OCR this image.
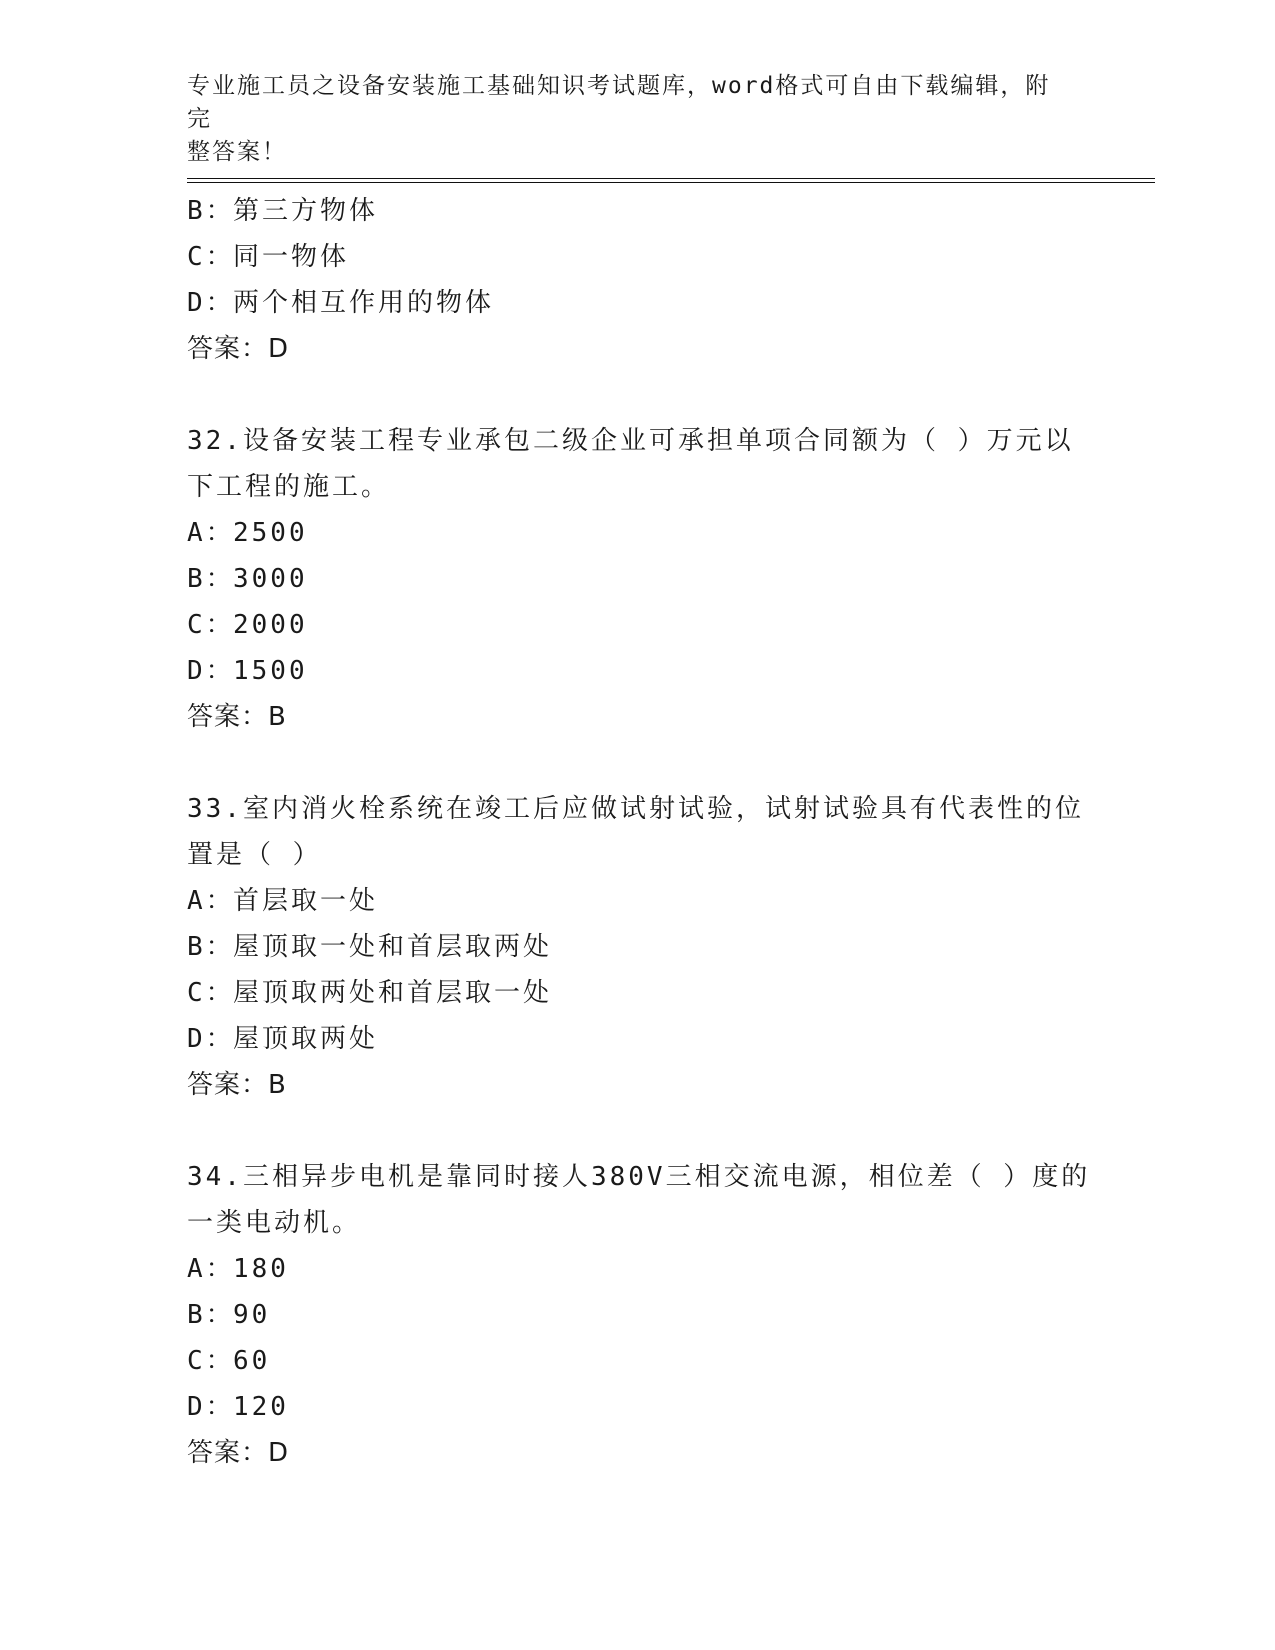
专业施工员之设备安装施工基础知识考试题库，word格式可自由下载编辑，附完
整答案！
B：第三方物体
C：同一物体
D：两个相互作用的物体
答案：D
32.设备安装工程专业承包二级企业可承担单项合同额为（ ）万元以
下工程的施工。
A：2500
B：3000
C：2000
D：1500
答案：B
33.室内消火栓系统在竣工后应做试射试验，试射试验具有代表性的位
置是（ ）
A：首层取一处
B：屋顶取一处和首层取两处
C：屋顶取两处和首层取一处
D：屋顶取两处
答案：B
34.三相异步电机是靠同时接人380V三相交流电源，相位差（ ）度的
一类电动机。
A：180
B：90
C：60
D：120
答案：D
